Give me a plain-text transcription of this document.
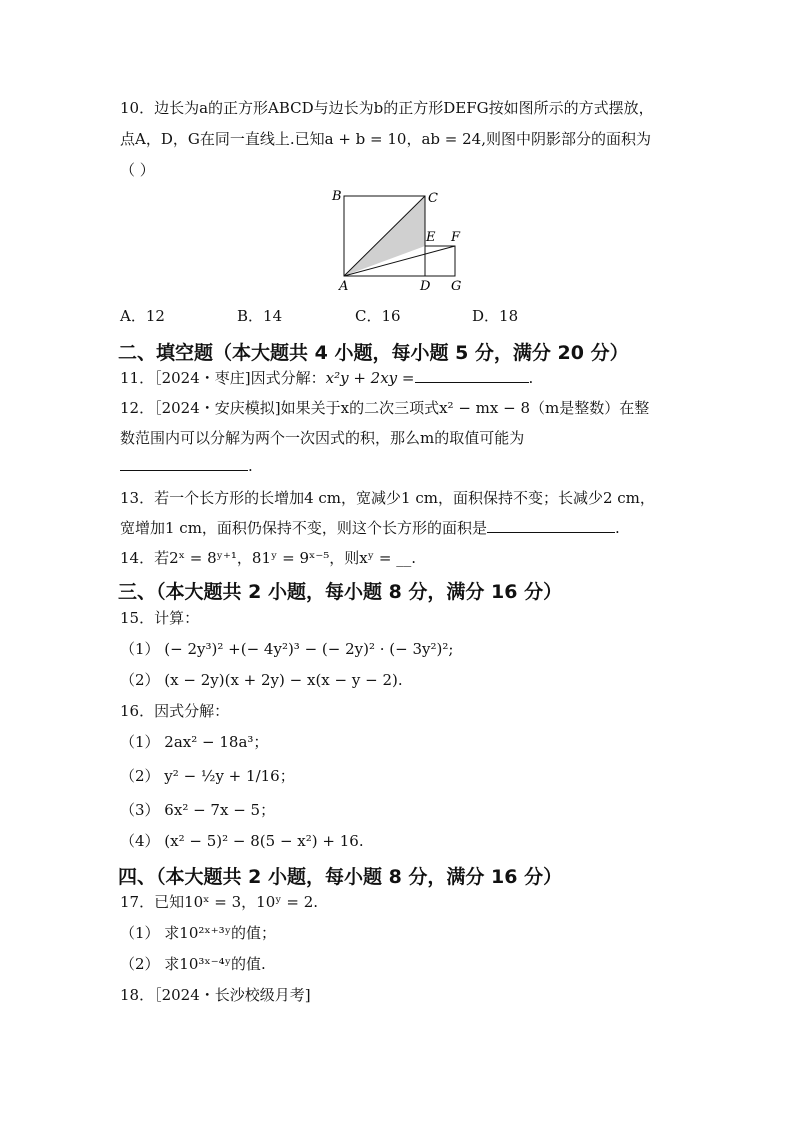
10．边长为a的正方形ABCD与边长为b的正方形DEFG按如图所示的方式摆放，
点A，D，G在同一直线上.已知a + b = 10，ab = 24,则图中阴影部分的面积为
（ ）
B	C
E F
A	D G
A．12	B．14	C．16	D．18
二、填空题（本大题共 4 小题，每小题 5 分，满分 20 分）
11．［2024・枣庄]因式分解：x²y + 2xy =	.
12．［2024・安庆模拟]如果关于x的二次三项式x² − mx − 8（m是整数）在整
数范围内可以分解为两个一次因式的积，那么m的取值可能为
.
13．若一个长方形的长增加4 cm，宽减少1 cm，面积保持不变；长减少2 cm，
宽增加1 cm，面积仍保持不变，则这个长方形的面积是	.
14．若2ˣ = 8ʸ⁺¹，81ʸ = 9ˣ⁻⁵，则xʸ = __.
三、（本大题共 2 小题，每小题 8 分，满分 16 分）
15．计算：
（1） (− 2y³)² +(− 4y²)³ − (− 2y)² · (− 3y²)²;
（2） (x − 2y)(x + 2y) − x(x − y − 2).
16．因式分解：
（1） 2ax² − 18a³；
（2） y² − ½y + 1/16；
（3） 6x² − 7x − 5；
（4） (x² − 5)² − 8(5 − x²) + 16.
四、（本大题共 2 小题，每小题 8 分，满分 16 分）
17．已知10ˣ = 3，10ʸ = 2.
（1） 求10²ˣ⁺³ʸ的值；
（2） 求10³ˣ⁻⁴ʸ的值.
18．［2024・长沙校级月考]
